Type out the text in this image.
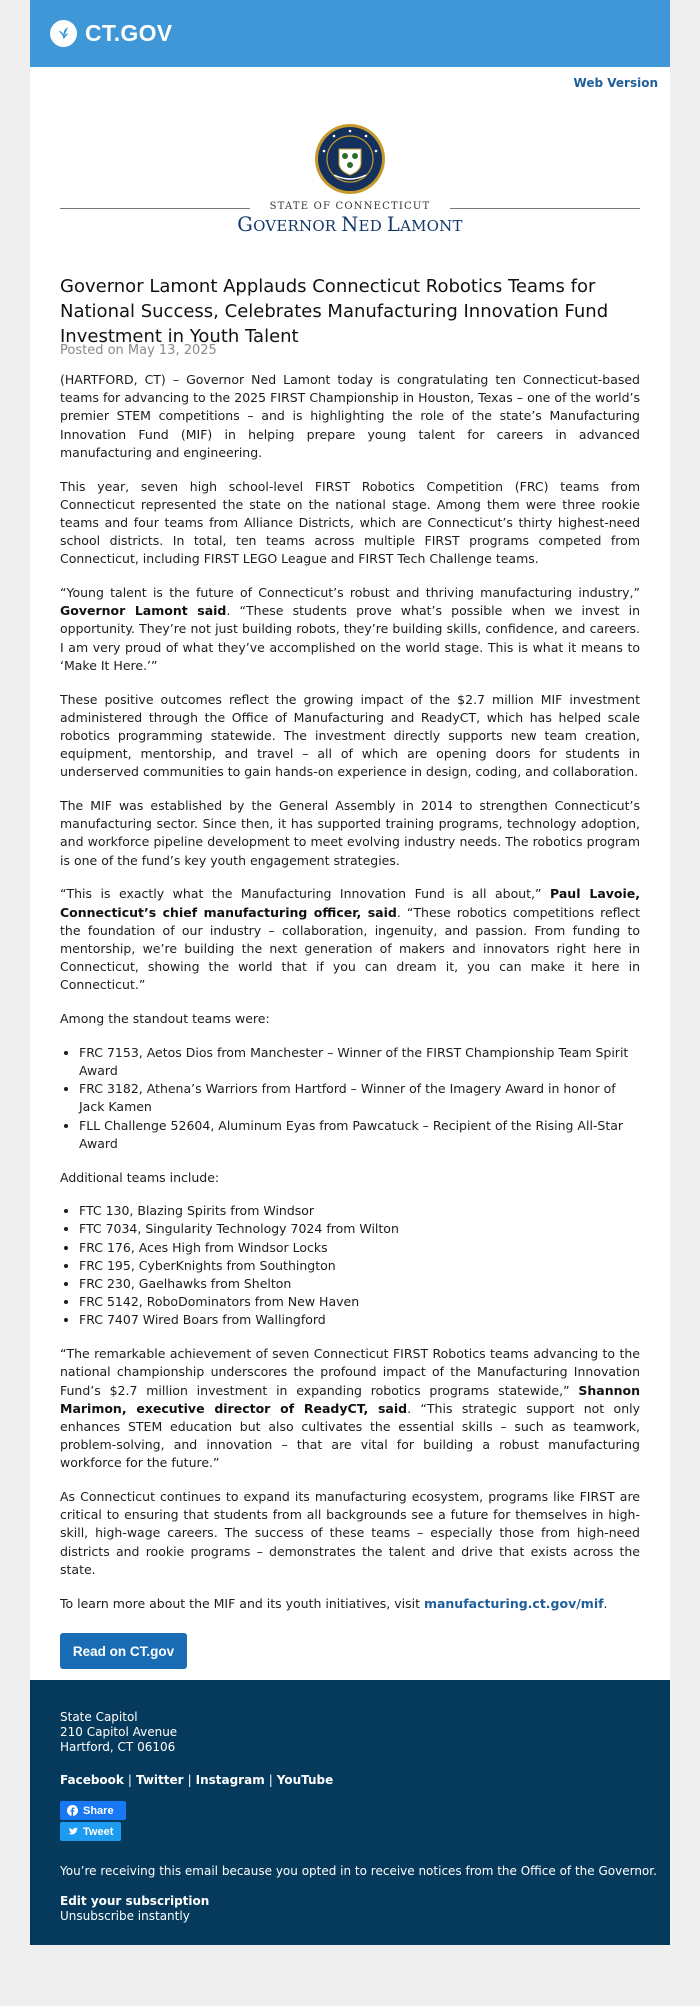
CT.GOV
Web Version
STATE OF CONNECTICUT
GOVERNOR NED LAMONT
Governor Lamont Applauds Connecticut Robotics Teams for National Success, Celebrates Manufacturing Innovation Fund Investment in Youth Talent

Posted on May 13, 2025

(HARTFORD, CT) – Governor Ned Lamont today is congratulating ten Connecticut-based teams for advancing to the 2025 FIRST Championship in Houston, Texas – one of the world’s premier STEM competitions – and is highlighting the role of the state’s Manufacturing Innovation Fund (MIF) in helping prepare young talent for careers in advanced manufacturing and engineering.

This year, seven high school-level FIRST Robotics Competition (FRC) teams from Connecticut represented the state on the national stage. Among them were three rookie teams and four teams from Alliance Districts, which are Connecticut’s thirty highest-need school districts. In total, ten teams across multiple FIRST programs competed from Connecticut, including FIRST LEGO League and FIRST Tech Challenge teams.

“Young talent is the future of Connecticut’s robust and thriving manufacturing industry,” Governor Lamont said. “These students prove what’s possible when we invest in opportunity. They’re not just building robots, they’re building skills, confidence, and careers. I am very proud of what they’ve accomplished on the world stage. This is what it means to ‘Make It Here.’”

These positive outcomes reflect the growing impact of the $2.7 million MIF investment administered through the Office of Manufacturing and ReadyCT, which has helped scale robotics programming statewide. The investment directly supports new team creation, equipment, mentorship, and travel – all of which are opening doors for students in underserved communities to gain hands-on experience in design, coding, and collaboration.

The MIF was established by the General Assembly in 2014 to strengthen Connecticut’s manufacturing sector. Since then, it has supported training programs, technology adoption, and workforce pipeline development to meet evolving industry needs. The robotics program is one of the fund’s key youth engagement strategies.

“This is exactly what the Manufacturing Innovation Fund is all about,” Paul Lavoie, Connecticut’s chief manufacturing officer, said. “These robotics competitions reflect the foundation of our industry – collaboration, ingenuity, and passion. From funding to mentorship, we’re building the next generation of makers and innovators right here in Connecticut, showing the world that if you can dream it, you can make it here in Connecticut.”

Among the standout teams were:

• FRC 7153, Aetos Dios from Manchester – Winner of the FIRST Championship Team Spirit Award
• FRC 3182, Athena’s Warriors from Hartford – Winner of the Imagery Award in honor of Jack Kamen
• FLL Challenge 52604, Aluminum Eyas from Pawcatuck – Recipient of the Rising All-Star Award

Additional teams include:

• FTC 130, Blazing Spirits from Windsor
• FTC 7034, Singularity Technology 7024 from Wilton
• FRC 176, Aces High from Windsor Locks
• FRC 195, CyberKnights from Southington
• FRC 230, Gaelhawks from Shelton
• FRC 5142, RoboDominators from New Haven
• FRC 7407 Wired Boars from Wallingford

“The remarkable achievement of seven Connecticut FIRST Robotics teams advancing to the national championship underscores the profound impact of the Manufacturing Innovation Fund’s $2.7 million investment in expanding robotics programs statewide,” Shannon Marimon, executive director of ReadyCT, said. “This strategic support not only enhances STEM education but also cultivates the essential skills – such as teamwork, problem-solving, and innovation – that are vital for building a robust manufacturing workforce for the future.”

As Connecticut continues to expand its manufacturing ecosystem, programs like FIRST are critical to ensuring that students from all backgrounds see a future for themselves in high-skill, high-wage careers. The success of these teams – especially those from high-need districts and rookie programs – demonstrates the talent and drive that exists across the state.

To learn more about the MIF and its youth initiatives, visit manufacturing.ct.gov/mif.

Read on CT.gov
State Capitol
210 Capitol Avenue
Hartford, CT 06106
Facebook | Twitter | Instagram | YouTube
Share
Tweet
You’re receiving this email because you opted in to receive notices from the Office of the Governor.
Edit your subscription
Unsubscribe instantly
